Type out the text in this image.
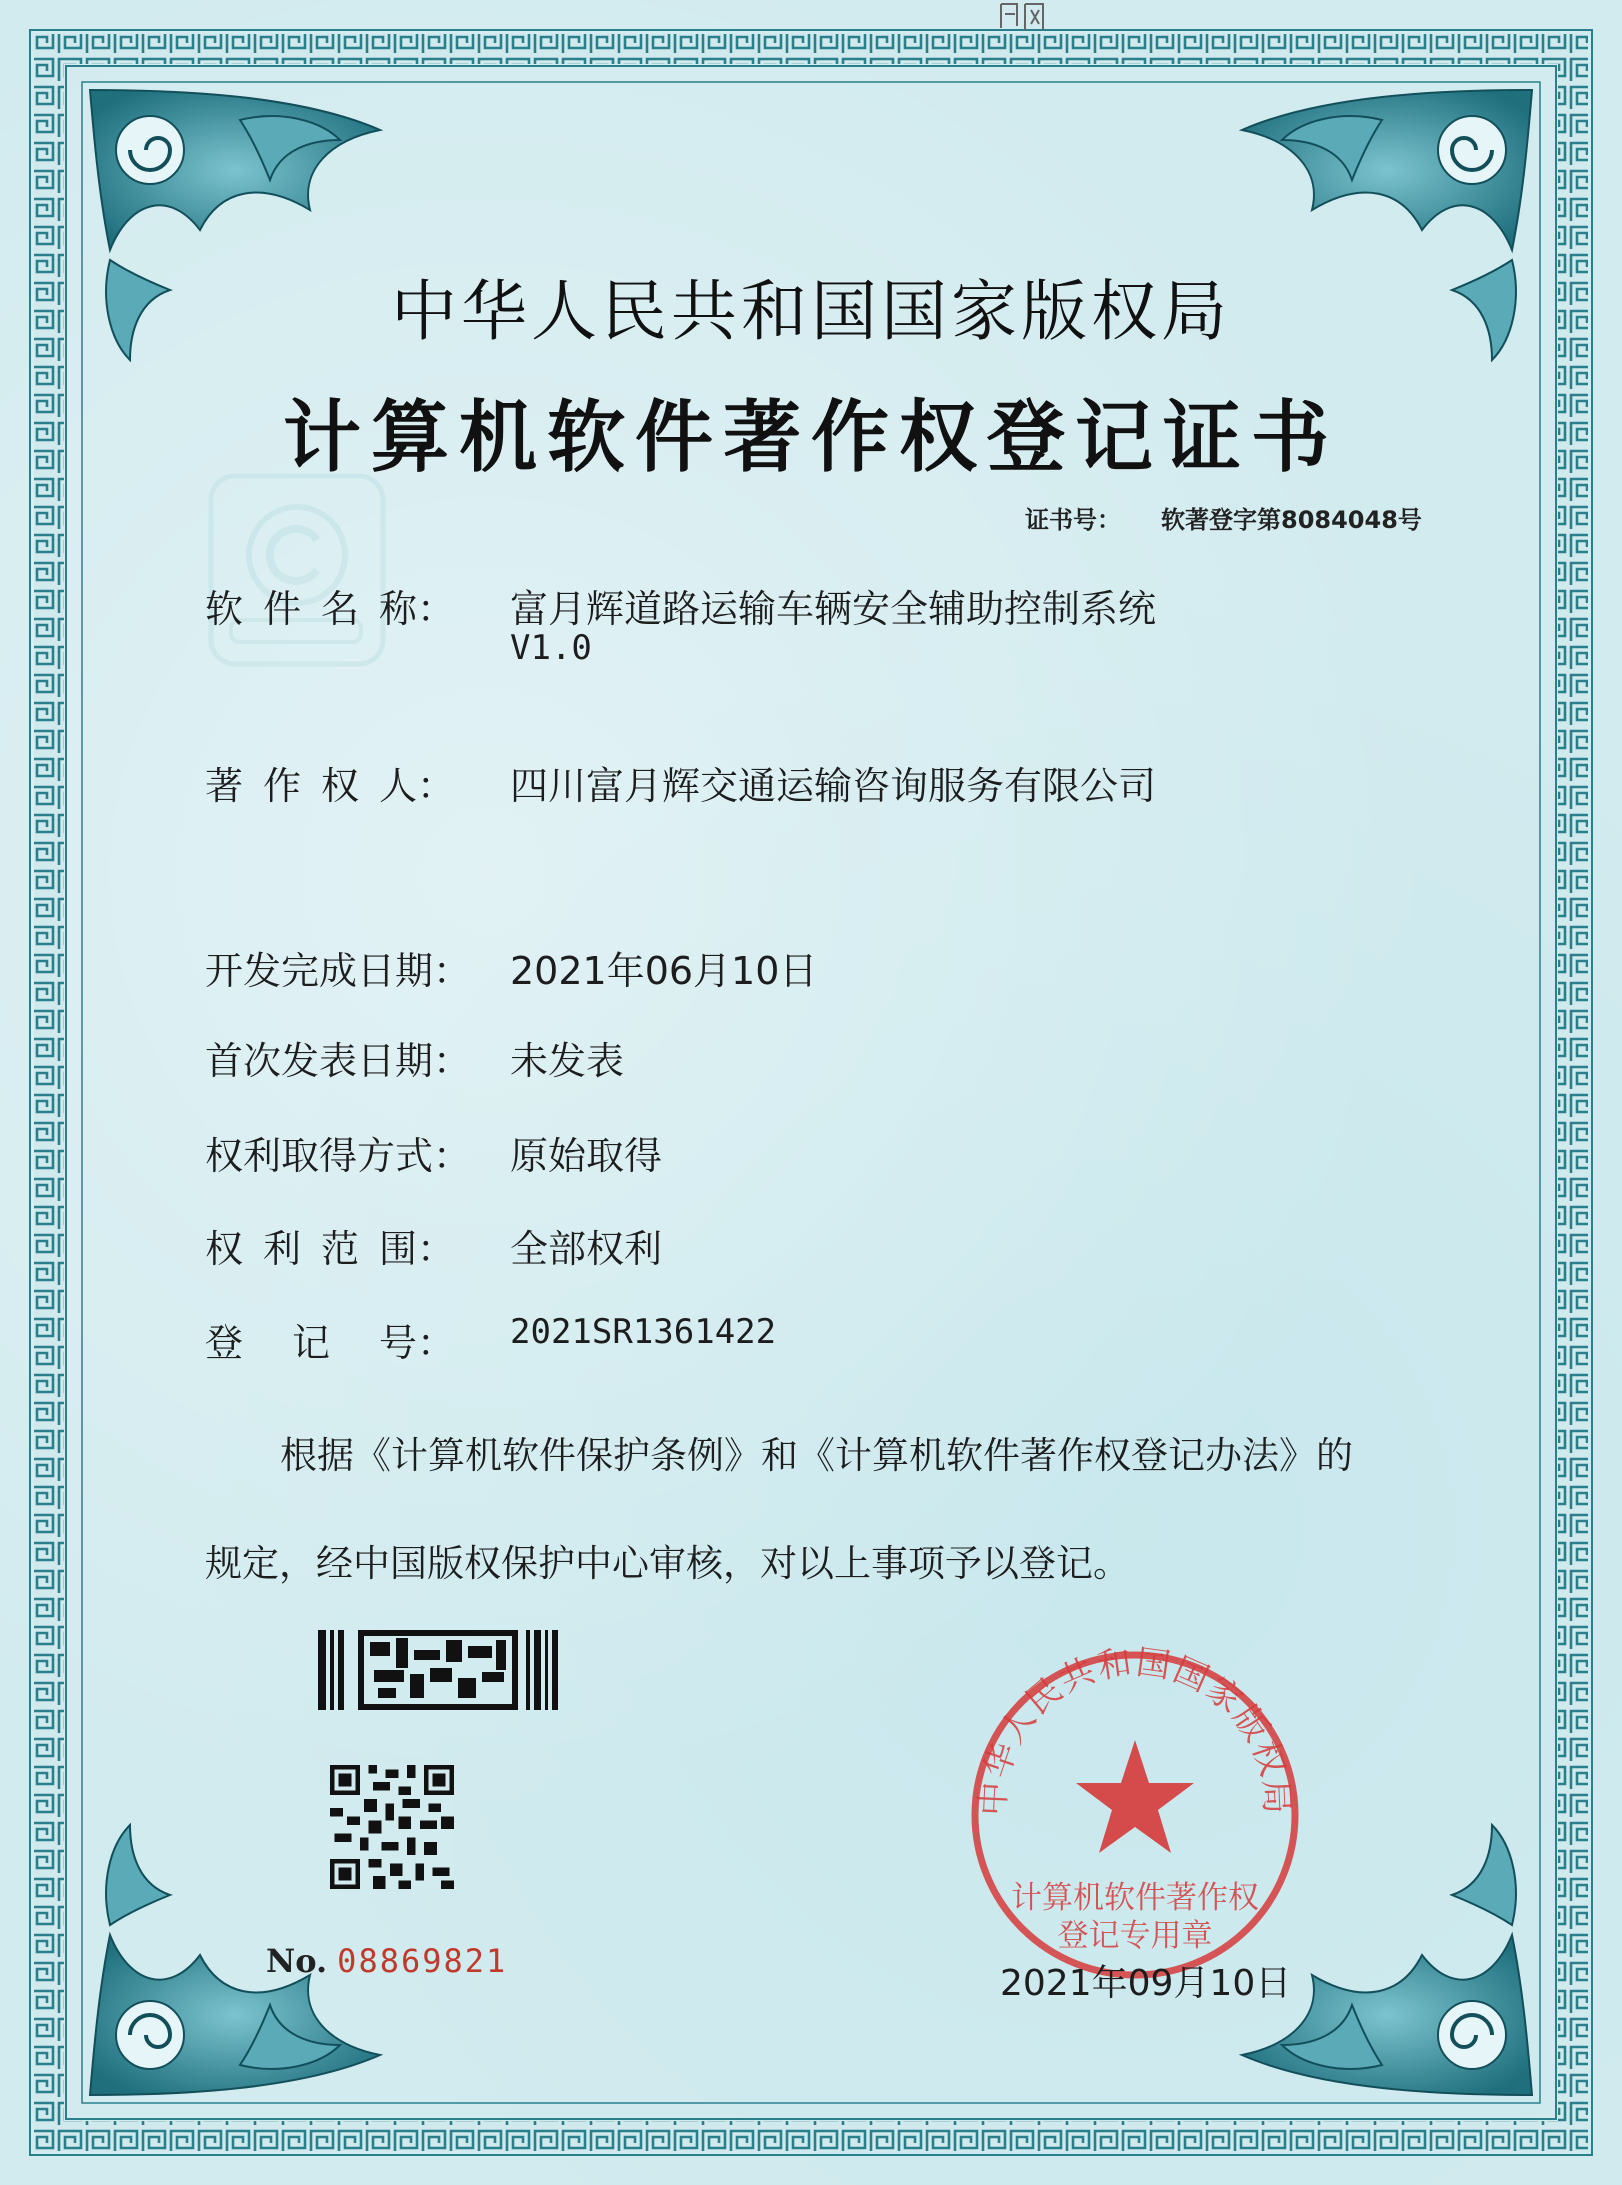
中华人民共和国国家版权局
计算机软件著作权登记证书
证书号： 软著登字第8084048号
软 件 名 称： 富月辉道路运输车辆安全辅助控制系统
V1.0
著 作 权 人： 四川富月辉交通运输咨询服务有限公司
开发完成日期： 2021年06月10日
首次发表日期： 未发表
权利取得方式： 原始取得
权 利 范 围： 全部权利
登 记 号： 2021SR1361422
根据《计算机软件保护条例》和《计算机软件著作权登记办法》的
规定，经中国版权保护中心审核，对以上事项予以登记。
No. 08869821
中华人民共和国国家版权局
计算机软件著作权
登记专用章
2021年09月10日
